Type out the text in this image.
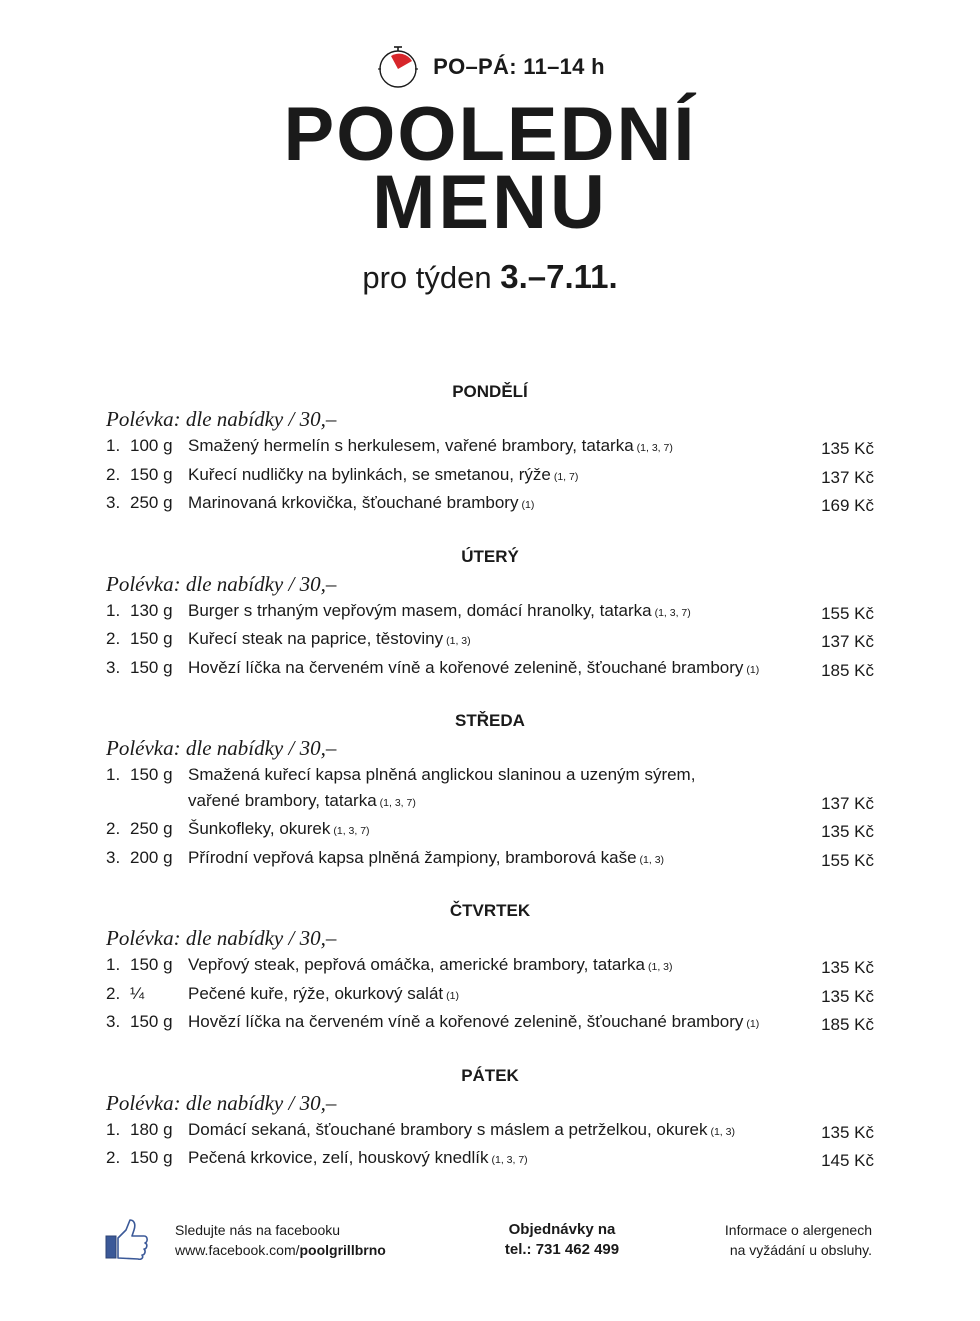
PO–PÁ: 11–14 h
POOLEDNÍ
MENU
pro týden 3.–7.11.
PONDĚLÍ
Polévka: dle nabídky / 30,–
1. 100 g Smažený hermelín s herkulesem, vařené brambory, tatarka (1, 3, 7)	135 Kč
2. 150 g Kuřecí nudličky na bylinkách, se smetanou, rýže (1, 7)	137 Kč
3. 250 g Marinovaná krkovička, šťouchané brambory (1)	169 Kč
ÚTERÝ
Polévka: dle nabídky / 30,–
1. 130 g Burger s trhaným vepřovým masem, domácí hranolky, tatarka (1, 3, 7)	155 Kč
2. 150 g Kuřecí steak na paprice, těstoviny (1, 3)	137 Kč
3. 150 g Hovězí líčka na červeném víně a kořenové zelenině, šťouchané brambory (1)	185 Kč
STŘEDA
Polévka: dle nabídky / 30,–
1. 150 g Smažená kuřecí kapsa plněná anglickou slaninou a uzeným sýrem,
vařené brambory, tatarka (1, 3, 7)	137 Kč
2. 250 g Šunkofleky, okurek (1, 3, 7)	135 Kč
3. 200 g Přírodní vepřová kapsa plněná žampiony, bramborová kaše (1, 3)	155 Kč
ČTVRTEK
Polévka: dle nabídky / 30,–
1. 150 g Vepřový steak, pepřová omáčka, americké brambory, tatarka (1, 3)	135 Kč
2. ¼	Pečené kuře, rýže, okurkový salát (1)	135 Kč
3. 150 g Hovězí líčka na červeném víně a kořenové zelenině, šťouchané brambory (1)	185 Kč
PÁTEK
Polévka: dle nabídky / 30,–
1. 180 g Domácí sekaná, šťouchané brambory s máslem a petrželkou, okurek (1, 3)	135 Kč
2. 150 g Pečená krkovice, zelí, houskový knedlík (1, 3, 7)	145 Kč
Sledujte nás na facebooku
www.facebook.com/poolgrillbrno
Objednávky na
tel.: 731 462 499
Informace o alergenech
na vyžádání u obsluhy.
